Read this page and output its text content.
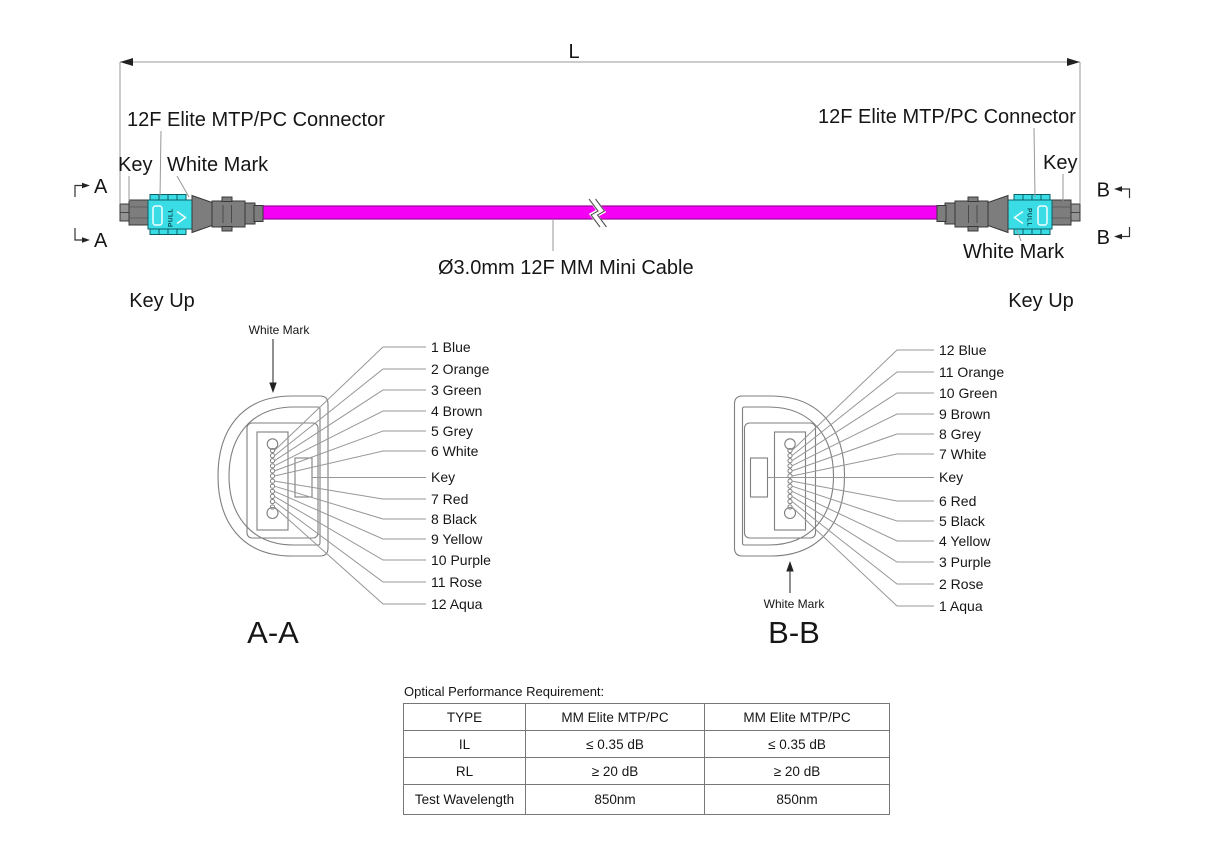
L
Ø3.0mm 12F MM Mini Cable
PULL	PULL
12F Elite MTP/PC Connector
Key White Mark
Key Up
A
A
12F Elite MTP/PC Connector
Key
White Mark
Key Up
B
B
1 Blue
2 Orange
3 Green
4 Brown
5 Grey
6 White
Key
7 Red
8 Black
9 Yellow
10 Purple
11 Rose
12 Aqua
White Mark
A-A
12 Blue
11 Orange
10 Green
9 Brown
8 Grey
7 White
Key
6 Red
5 Black
4 Yellow
3 Purple
2 Rose
1 Aqua
White Mark
B-B
Optical Performance Requirement:
TYPE	MM Elite MTP/PC	MM Elite MTP/PC
IL	≤ 0.35 dB	≤ 0.35 dB
RL	≥ 20 dB	≥ 20 dB
Test Wavelength	850nm	850nm
